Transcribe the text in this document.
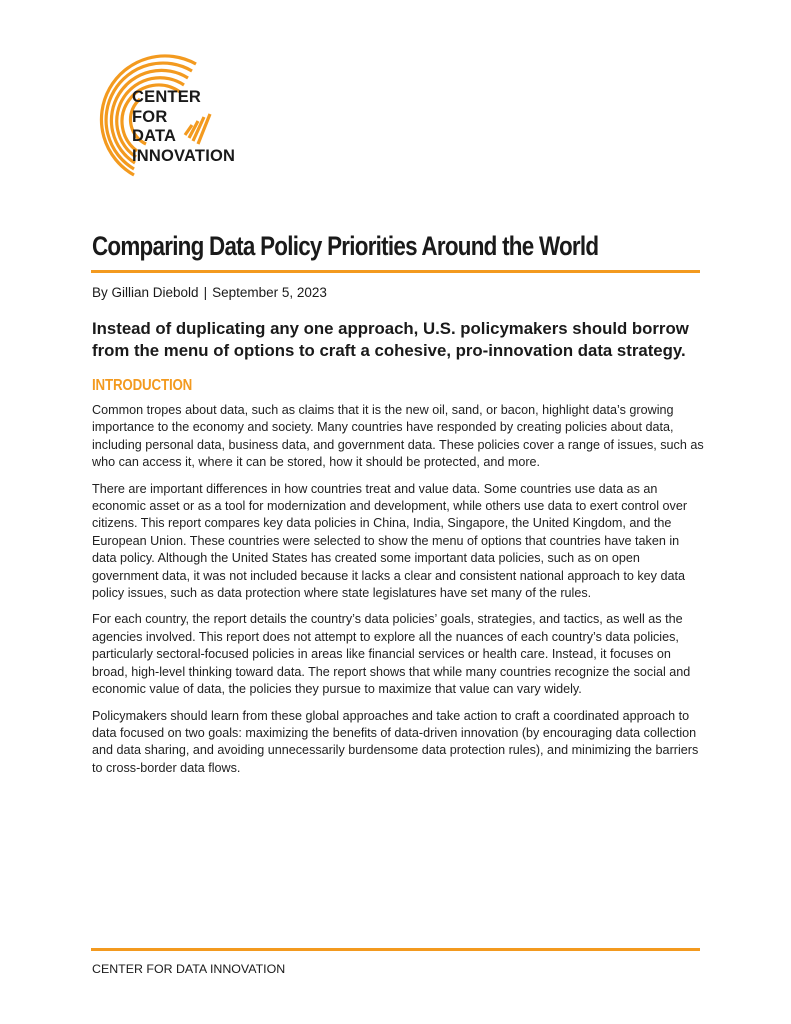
CENTER
FOR
DATA
INNOVATION
Comparing Data Policy Priorities Around the World
By Gillian Diebold | September 5, 2023
Instead of duplicating any one approach, U.S. policymakers should borrow from the menu of options to craft a cohesive, pro-innovation data strategy.
INTRODUCTION

Common tropes about data, such as claims that it is the new oil, sand, or bacon, highlight data’s growing importance to the economy and society. Many countries have responded by creating policies about data, including personal data, business data, and government data. These policies cover a range of issues, such as who can access it, where it can be stored, how it should be protected, and more.

There are important differences in how countries treat and value data. Some countries use data as an economic asset or as a tool for modernization and development, while others use data to exert control over citizens. This report compares key data policies in China, India, Singapore, the United Kingdom, and the European Union. These countries were selected to show the menu of options that countries have taken in data policy. Although the United States has created some important data policies, such as on open government data, it was not included because it lacks a clear and consistent national approach to key data policy issues, such as data protection where state legislatures have set many of the rules.

For each country, the report details the country’s data policies’ goals, strategies, and tactics, as well as the agencies involved. This report does not attempt to explore all the nuances of each country’s data policies, particularly sectoral-focused policies in areas like financial services or health care. Instead, it focuses on broad, high-level thinking toward data. The report shows that while many countries recognize the social and economic value of data, the policies they pursue to maximize that value can vary widely.

Policymakers should learn from these global approaches and take action to craft a coordinated approach to data focused on two goals: maximizing the benefits of data-driven innovation (by encouraging data collection and data sharing, and avoiding unnecessarily burdensome data protection rules), and minimizing the barriers to cross-border data flows.

CENTER FOR DATA INNOVATION
